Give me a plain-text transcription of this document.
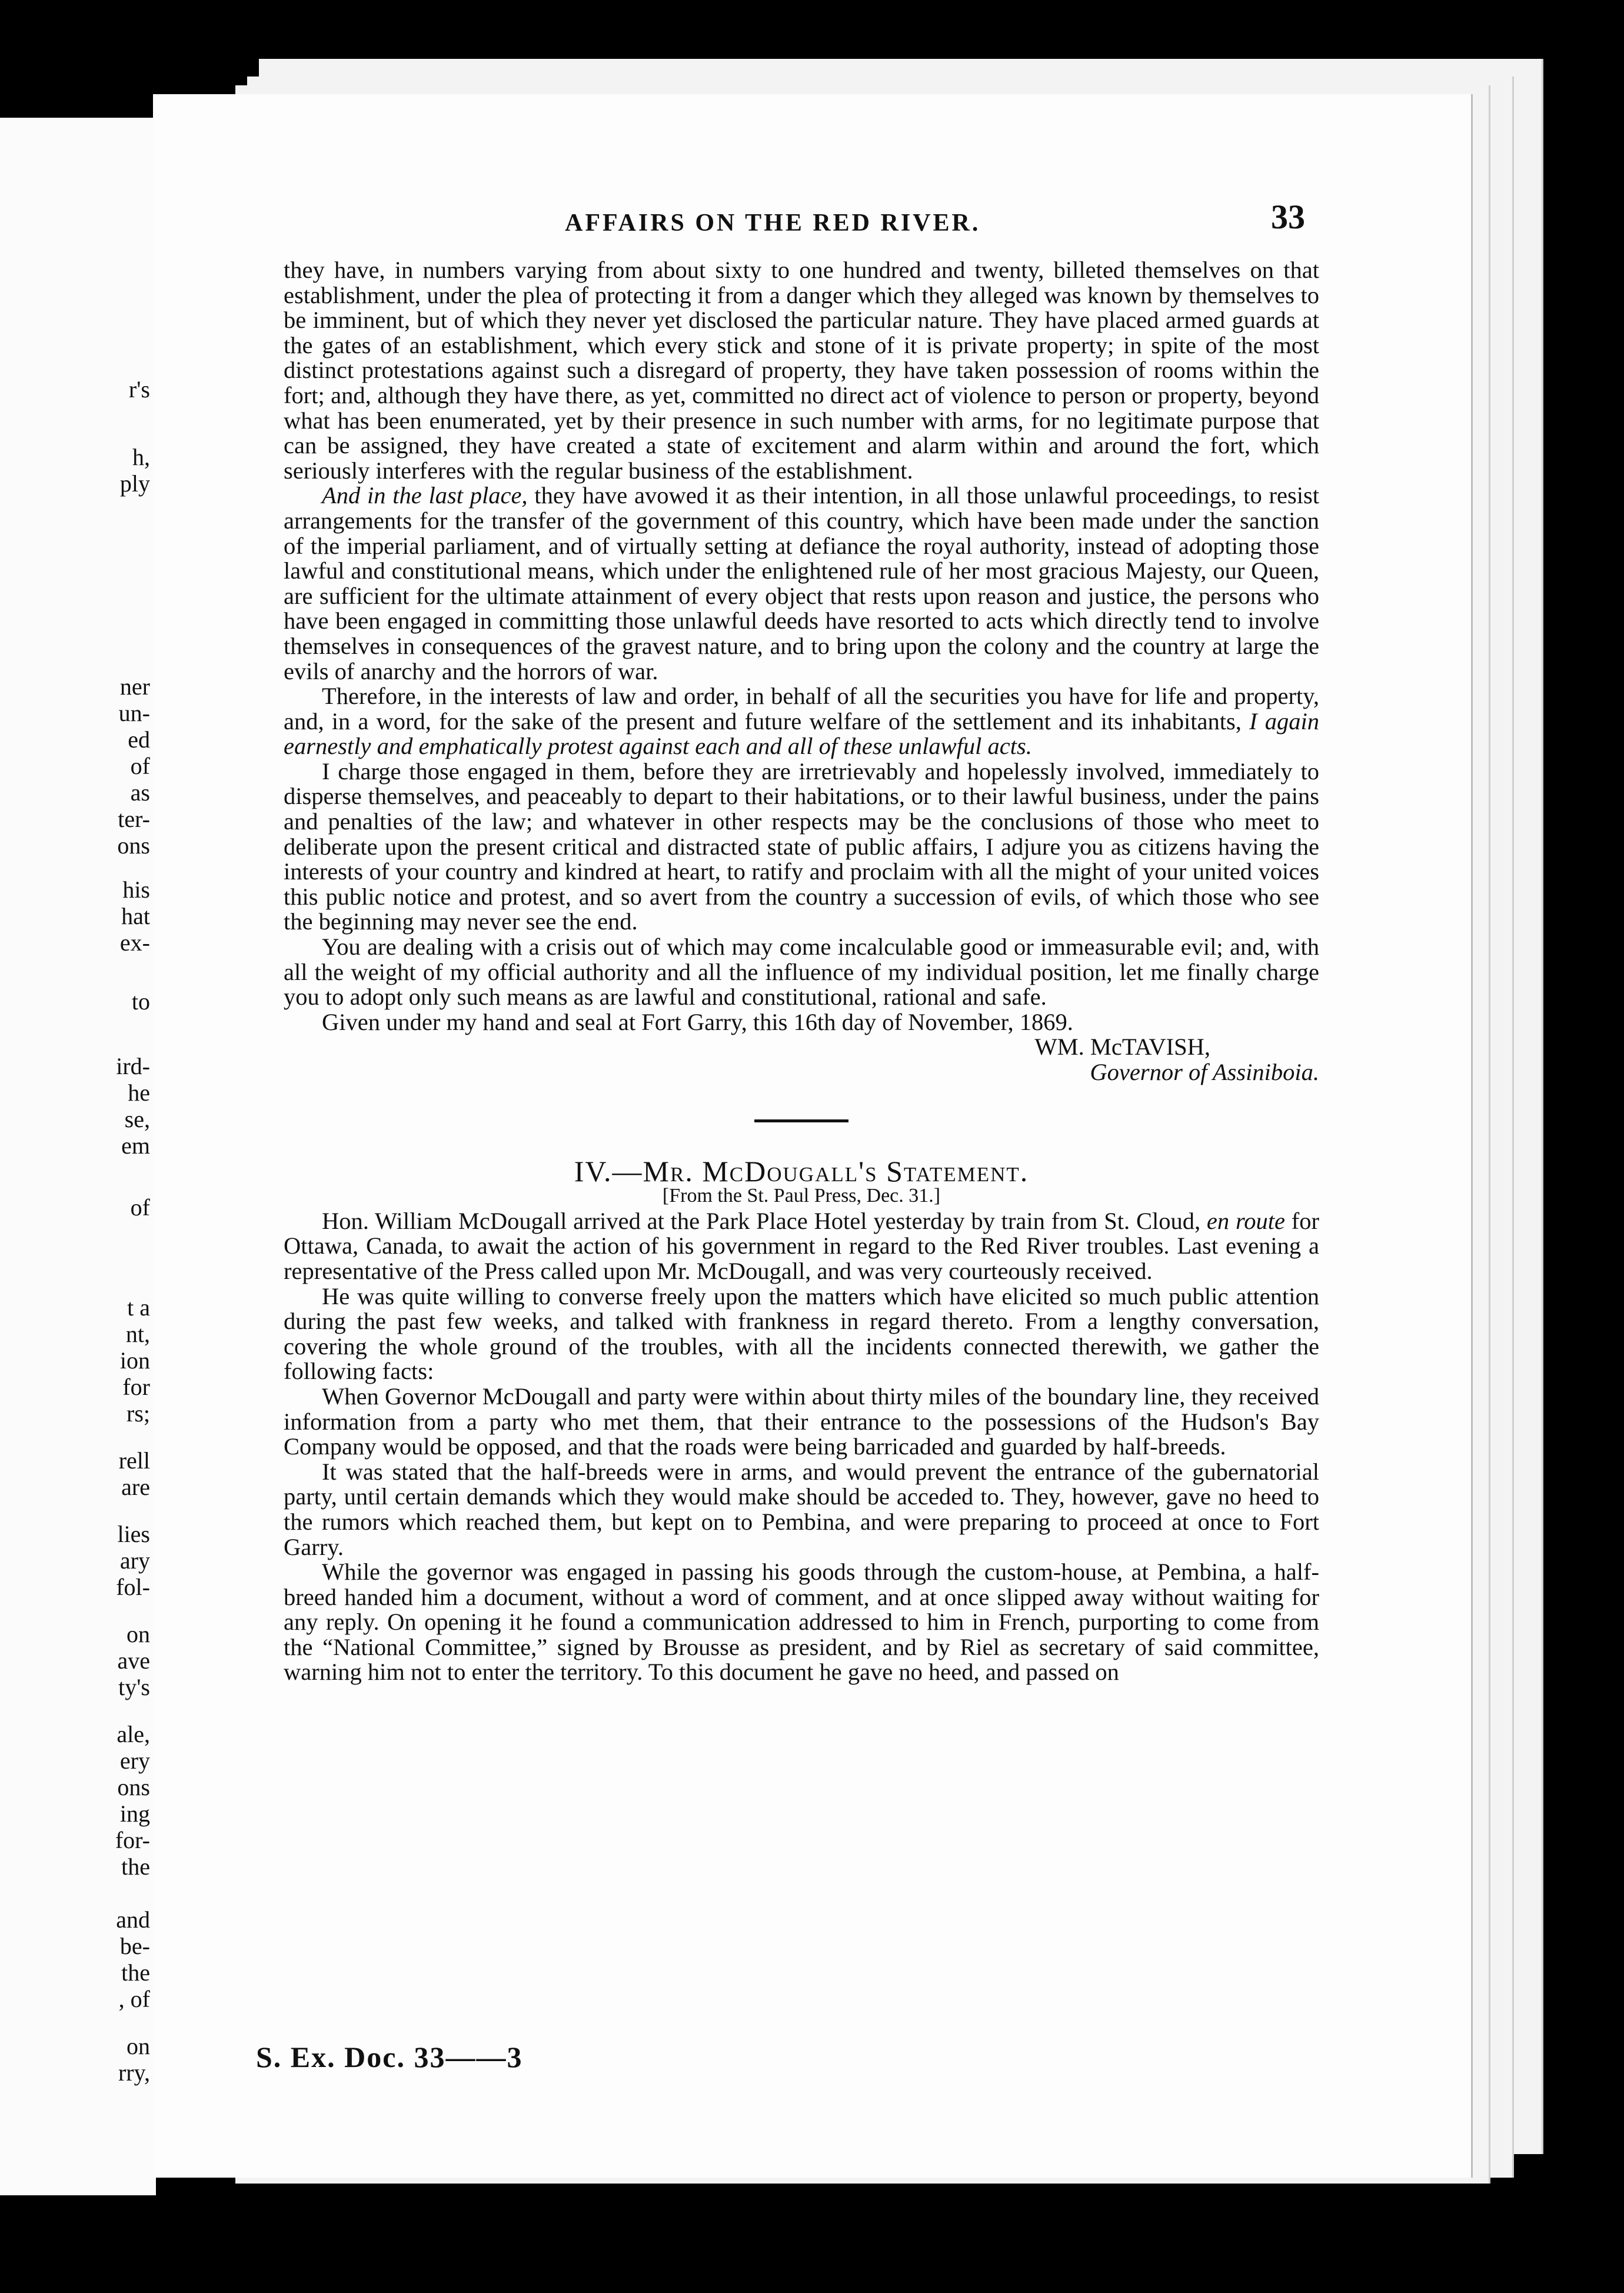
r's
h,
ply
ner
un-
ed
of
as
ter-
ons
his
hat
ex-
to
ird-
he
se,
em
of
t a
nt,
ion
for
rs;
rell
are
lies
ary
fol-
on
ave
ty's
ale,
ery
ons
ing
for-
the
and
be-
the
, of
on
rry,
AFFAIRS ON THE RED RIVER.	33

they have, in numbers varying from about sixty to one hundred and twenty, billeted themselves on that establishment, under the plea of protecting it from a danger which they alleged was known by themselves to be imminent, but of which they never yet disclosed the particular nature. They have placed armed guards at the gates of an establishment, which every stick and stone of it is private property; in spite of the most distinct protestations against such a disregard of property, they have taken possession of rooms within the fort; and, although they have there, as yet, committed no direct act of violence to person or property, beyond what has been enumerated, yet by their presence in such number with arms, for no legitimate purpose that can be assigned, they have created a state of excitement and alarm within and around the fort, which seriously interferes with the regular business of the establishment.

And in the last place, they have avowed it as their intention, in all those unlawful proceedings, to resist arrangements for the transfer of the government of this country, which have been made under the sanction of the imperial parliament, and of virtually setting at defiance the royal authority, instead of adopting those lawful and constitutional means, which under the enlightened rule of her most gracious Majesty, our Queen, are sufficient for the ultimate attainment of every object that rests upon reason and justice, the persons who have been engaged in committing those unlawful deeds have resorted to acts which directly tend to involve themselves in consequences of the gravest nature, and to bring upon the colony and the country at large the evils of anarchy and the horrors of war.

Therefore, in the interests of law and order, in behalf of all the securities you have for life and property, and, in a word, for the sake of the present and future welfare of the settlement and its inhabitants, I again earnestly and emphatically protest against each and all of these unlawful acts.

I charge those engaged in them, before they are irretrievably and hopelessly involved, immediately to disperse themselves, and peaceably to depart to their habitations, or to their lawful business, under the pains and penalties of the law; and whatever in other respects may be the conclusions of those who meet to deliberate upon the present critical and distracted state of public affairs, I adjure you as citizens having the interests of your country and kindred at heart, to ratify and proclaim with all the might of your united voices this public notice and protest, and so avert from the country a succession of evils, of which those who see the beginning may never see the end.

You are dealing with a crisis out of which may come incalculable good or immeasurable evil; and, with all the weight of my official authority and all the influence of my individual position, let me finally charge you to adopt only such means as are lawful and constitutional, rational and safe.

Given under my hand and seal at Fort Garry, this 16th day of November, 1869.

WM. McTAVISH,

Governor of Assiniboia.

IV.—Mr. McDougall's Statement.

[From the St. Paul Press, Dec. 31.]

Hon. William McDougall arrived at the Park Place Hotel yesterday by train from St. Cloud, en route for Ottawa, Canada, to await the action of his government in regard to the Red River troubles. Last evening a representative of the Press called upon Mr. McDougall, and was very courteously received.

He was quite willing to converse freely upon the matters which have elicited so much public attention during the past few weeks, and talked with frankness in regard thereto. From a lengthy conversation, covering the whole ground of the troubles, with all the incidents connected therewith, we gather the following facts:

When Governor McDougall and party were within about thirty miles of the boundary line, they received information from a party who met them, that their entrance to the possessions of the Hudson's Bay Company would be opposed, and that the roads were being barricaded and guarded by half-breeds.

It was stated that the half-breeds were in arms, and would prevent the entrance of the gubernatorial party, until certain demands which they would make should be acceded to. They, however, gave no heed to the rumors which reached them, but kept on to Pembina, and were preparing to proceed at once to Fort Garry.

While the governor was engaged in passing his goods through the custom-house, at Pembina, a half-breed handed him a document, without a word of comment, and at once slipped away without waiting for any reply. On opening it he found a communication addressed to him in French, purporting to come from the “National Committee,” signed by Brousse as president, and by Riel as secretary of said committee, warning him not to enter the territory. To this document he gave no heed, and passed on

S. Ex. Doc. 33——3
